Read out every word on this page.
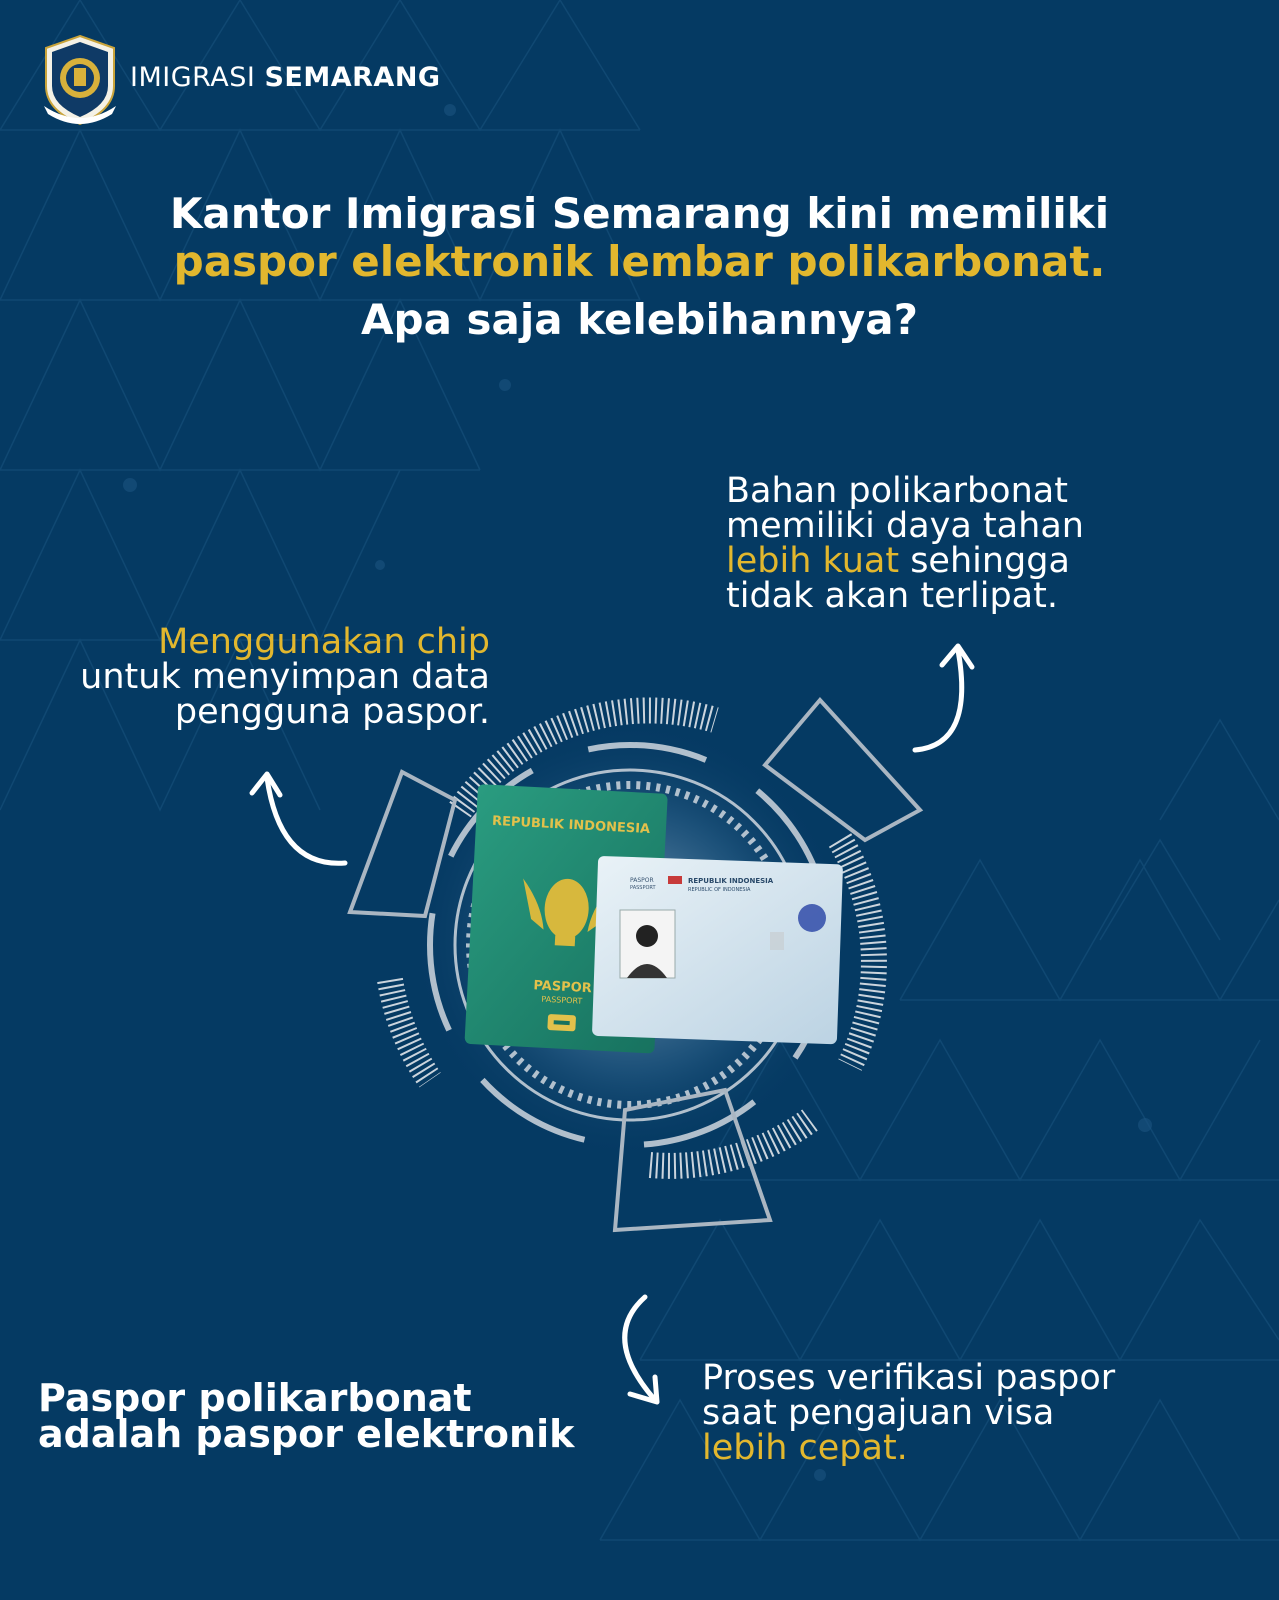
IMIGRASI SEMARANG
Kantor Imigrasi Semarang kini memiliki
paspor elektronik lembar polikarbonat.
Apa saja kelebihannya?
Bahan polikarbonat
memiliki daya tahan
lebih kuat sehingga
tidak akan terlipat.
Menggunakan chip
untuk menyimpan data
pengguna paspor.
REPUBLIK INDONESIA
PASPOR
PASSPORT
PASPOR
PASSPORT
REPUBLIK INDONESIA
REPUBLIC OF INDONESIA
Paspor polikarbonat
adalah paspor elektronik
Proses verifikasi paspor
saat pengajuan visa
lebih cepat.
